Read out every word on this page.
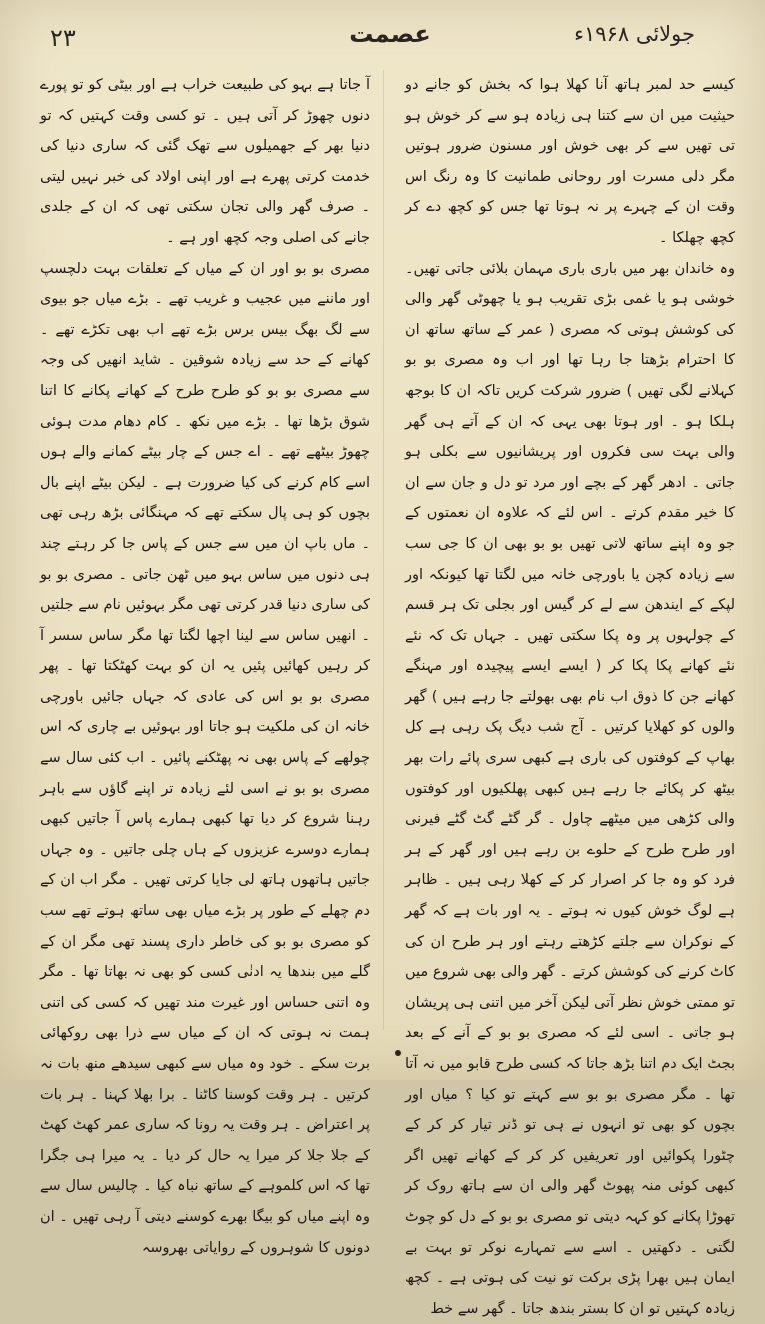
۲۳	عصمت	جولائی ۱۹۶۸ء

کیسے حد لمبر ہاتھ آنا کھلا ہوا کہ بخش کو جانے دو حیثیت میں ان سے کتنا ہی زیادہ ہو سے کر خوش ہو تی تھیں سے کر بھی خوش اور مسنون ضرور ہوتیں مگر دلی مسرت اور روحانی طمانیت کا وہ رنگ اس وقت ان کے چہرے پر نہ ہوتا تھا جس کو کچھ دے کر کچھ چھلکا ۔

وہ خاندان بھر میں باری باری مہمان بلائی جاتی تھیں۔ خوشی ہو یا غمی بڑی تقریب ہو یا چھوٹی گھر والی کی کوشش ہوتی کہ مصری ( عمر کے ساتھ ساتھ ان کا احترام بڑھتا جا رہا تھا اور اب وہ مصری بو بو کہلانے لگی تھیں ) ضرور شرکت کریں تاکہ ان کا بوجھ ہلکا ہو ۔ اور ہوتا بھی یہی کہ ان کے آتے ہی گھر والی بہت سی فکروں اور پریشانیوں سے بکلی ہو جاتی ۔ ادھر گھر کے بچے اور مرد تو دل و جان سے ان کا خیر مقدم کرتے ۔ اس لئے کہ علاوہ ان نعمتوں کے جو وہ اپنے ساتھ لاتی تھیں بو بو بھی ان کا جی سب سے زیادہ کچن یا باورچی خانہ میں لگتا تھا کیونکہ اور لپکے کے ایندھن سے لے کر گیس اور بجلی تک ہر قسم کے چولہوں پر وہ پکا سکتی تھیں ۔ جہاں تک کہ نئے نئے کھانے پکا پکا کر ( ایسے ایسے پیچیدہ اور مہنگے کھانے جن کا ذوق اب نام بھی بھولتے جا رہے ہیں ) گھر والوں کو کھلایا کرتیں ۔ آج شب دیگ پک رہی ہے کل بھاپ کے کوفتوں کی باری ہے کبھی سری پائے رات بھر بیٹھ کر پکائے جا رہے ہیں کبھی پھلکیوں اور کوفتوں والی کڑھی میں میٹھے چاول ۔ گر گٹے گٹ گٹے فیرنی اور طرح طرح کے حلوے بن رہے ہیں اور گھر کے ہر فرد کو وہ جا کر اصرار کر کے کھلا رہی ہیں ۔ ظاہر ہے لوگ خوش کیوں نہ ہوتے ۔ یہ اور بات ہے کہ گھر کے نوکران سے جلتے کڑھتے رہتے اور ہر طرح ان کی کاٹ کرنے کی کوشش کرتے ۔ گھر والی بھی شروع میں تو ممتی خوش نظر آتی لیکن آخر میں اتنی ہی پریشان ہو جاتی ۔ اسی لئے کہ مصری بو بو کے آنے کے بعد بجٹ ایک دم اتنا بڑھ جاتا کہ کسی طرح قابو میں نہ آتا تھا ۔ مگر مصری بو بو سے کہتے تو کیا ؟ میاں اور بچوں کو بھی تو انہوں نے ہی تو ڈنر تیار کر کر کے چٹورا پکوائیں اور تعریفیں کر کر کے کھانے تھیں اگر کبھی کوئی منہ پھوٹ گھر والی ان سے ہاتھ روک کر تھوڑا پکانے کو کہہ دیتی تو مصری بو بو کے دل کو چوٹ لگتی ۔ دکھتیں ۔ اسے سے تمہارے نوکر تو بہت بے ایمان ہیں بھرا پڑی برکت تو نیت کی ہوتی ہے ۔ کچھ زیادہ کہتیں تو ان کا بستر بندھ جاتا ۔ گھر سے خط

آ جاتا ہے بہو کی طبیعت خراب ہے اور بیٹی کو تو پورے دنوں چھوڑ کر آتی ہیں ۔ تو کسی وقت کہتیں کہ تو دنیا بھر کے جھمیلوں سے تھک گئی کہ ساری دنیا کی خدمت کرتی پھرے ہے اور اپنی اولاد کی خبر نہیں لیتی ۔ صرف گھر والی تجان سکتی تھی کہ ان کے جلدی جانے کی اصلی وجہ کچھ اور ہے ۔

مصری بو بو اور ان کے میاں کے تعلقات بہت دلچسپ اور ماننے میں عجیب و غریب تھے ۔ بڑے میاں جو بیوی سے لگ بھگ بیس برس بڑے تھے اب بھی تکڑے تھے ۔ کھانے کے حد سے زیادہ شوقین ۔ شاید انھیں کی وجہ سے مصری بو بو کو طرح طرح کے کھانے پکانے کا اتنا شوق بڑھا تھا ۔ بڑے میں نکھ ۔ کام دھام مدت ہوئی چھوڑ بیٹھے تھے ۔ اے جس کے چار بیٹے کمانے والے ہوں اسے کام کرنے کی کیا ضرورت ہے ۔ لیکن بیٹے اپنے بال بچوں کو ہی پال سکتے تھے کہ مہنگائی بڑھ رہی تھی ۔ ماں باپ ان میں سے جس کے پاس جا کر رہتے چند ہی دنوں میں ساس بہو میں ٹھن جاتی ۔ مصری بو بو کی ساری دنیا قدر کرتی تھی مگر بہوئیں نام سے جلتیں ۔ انھیں ساس سے لینا اچھا لگتا تھا مگر ساس سسر آ کر رہیں کھائیں پئیں یہ ان کو بہت کھٹکتا تھا ۔ پھر مصری بو بو اس کی عادی کہ جہاں جائیں باورچی خانہ ان کی ملکیت ہو جاتا اور بہوئیں بے چاری کہ اس چولھے کے پاس بھی نہ پھٹکنے پائیں ۔ اب کئی سال سے مصری بو بو نے اسی لئے زیادہ تر اپنے گاؤں سے باہر رہنا شروع کر دیا تھا کبھی ہمارے پاس آ جاتیں کبھی ہمارے دوسرے عزیزوں کے ہاں چلی جاتیں ۔ وہ جہاں جاتیں ہاتھوں ہاتھ لی جایا کرتی تھیں ۔ مگر اب ان کے دم چھلے کے طور پر بڑے میاں بھی ساتھ ہوتے تھے سب کو مصری بو بو کی خاطر داری پسند تھی مگر ان کے گلے میں بندھا یہ ادنٰی کسی کو بھی نہ بھاتا تھا ۔ مگر وہ اتنی حساس اور غیرت مند تھیں کہ کسی کی اتنی ہمت نہ ہوتی کہ ان کے میاں سے ذرا بھی روکھائی برت سکے ۔ خود وہ میاں سے کبھی سیدھے منھ بات نہ کرتیں ۔ ہر وقت کوسنا کاٹنا ۔ برا بھلا کہنا ۔ ہر بات پر اعتراض ۔ ہر وقت یہ رونا کہ ساری عمر کھٹ کھٹ کے جلا جلا کر میرا یہ حال کر دیا ۔ یہ میرا ہی جگرا تھا کہ اس کلموہے کے ساتھ نباہ کیا ۔ چالیس سال سے وہ اپنے میاں کو بیگا بھرے کوسنے دیتی آ رہی تھیں ۔ ان دونوں کا شوہروں کے روایاتی بھروسہ
